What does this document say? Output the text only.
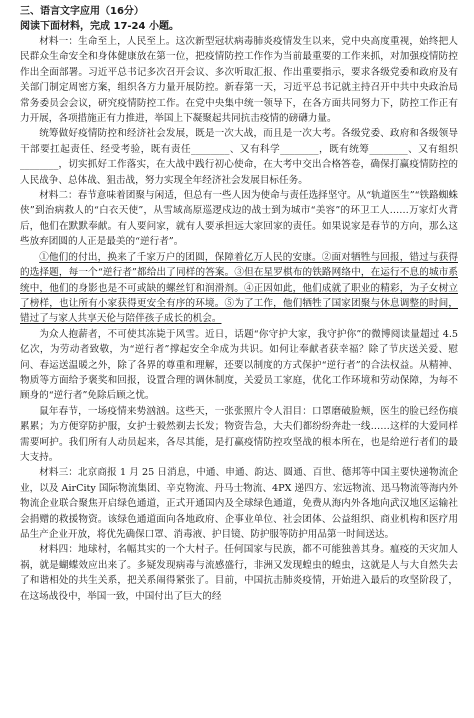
三、语言文字应用（16分）

阅读下面材料，完成 17-24 小题。

材料一：生命至上，人民至上。这次新型冠状病毒肺炎疫情发生以来，党中央高度重视，始终把人民群众生命安全和身体健康放在第一位，把疫情防控工作作为当前最重要的工作来抓，对加强疫情防控作出全面部署。习近平总书记多次召开会议、多次听取汇报、作出重要指示，要求各级党委和政府及有关部门制定周密方案，组织各方力量开展防控。新春第一天，习近平总书记就主持召开中共中央政治局常务委员会会议，研究疫情防控工作。在党中央集中统一领导下，在各方面共同努力下，防控工作正有力开展，各项措施正有力推进，举国上下凝聚起共同抗击疫情的磅礴力量。

统筹做好疫情防控和经济社会发展，既是一次大战，而且是一次大考。各级党委、政府和各级领导干部要扛起责任、经受考验，既有责任________、又有科学________，既有统筹________、又有组织________，切实抓好工作落实，在大战中践行初心使命，在大考中交出合格答卷，确保打赢疫情防控的人民战争、总体战、狙击战，努力实现全年经济社会发展目标任务。

材料二：春节意味着团聚与闲适，但总有一些人因为使命与责任选择坚守。从“轨道医生”“铁路蜘蛛侠”到治病救人的“白衣天使”，从雪域高原巡逻戍边的战士到为城市“美容”的环卫工人……万家灯火背后，他们在默默奉献。有人要问家，就有人要承担远大家回家的责任。如果说家是春节的方向，那么这些放弃团圆的人正是最美的“逆行者”。

①他们的付出，换来了千家万户的团圆，保障着亿万人民的安康。②面对牺牲与回报，错过与获得的选择题，每一个“逆行者”都给出了同样的答案。③但在星罗棋布的铁路网络中，在运行不息的城市系统中，他们的身影也是不可或缺的螺丝钉和润滑剂。④正因如此，他们成就了职业的精彩，为子女树立了榜样，也让所有小家获得更安全有序的环境。⑤为了工作，他们牺牲了国家团聚与休息调整的时间，错过了与家人共享天伦与陪伴孩子成长的机会。

为众人抱薪者，不可使其冻毙于风雪。近日，话题“你守护大家，我守护你”的微博阅读量超过 4.5 亿次，为劳动者致敬，为“逆行者”撑起安全伞成为共识。如何让奉献者获幸福？除了节庆送关爱、慰问、春运送温暖之外，除了各界的尊重和理解，还要以制度的方式保护“逆行者”的合法权益。从精神、物质等方面给予褒奖和回报，设置合理的调休制度，关爱员工家庭，优化工作环境和劳动保障，为每不顾身的“逆行者”免除后顾之忧。

鼠年春节，一场疫情来势汹汹。这些天，一张张照片令人泪目：口罩磨破脸颊，医生的脸已经伤痕累累；为方便穿防护服，女护士毅然剃去长发；物资告急，大夫们都纷纷奔赴一线……这样的大爱同样需要呵护。我们所有人动员起来，各尽其能，是打赢疫情防控攻坚战的根本所在，也是给逆行者们的最大支持。

材料三：北京商报 1 月 25 日消息，中通、申通、韵达、圆通、百世、德邦等中国主要快递物流企业，以及 AirCity 国际物流集团、辛克物流、丹马士物流、4PX 递四方、宏远物流、迅马物流等海内外物流企业联合聚焦开启绿色通道，正式开通国内及全球绿色通道，免费从海内外各地向武汉地区运输社会捐赠的救援物资。该绿色通道面向各地政府、企事业单位、社会团体、公益组织、商业机构和医疗用品生产企业开放，将优先确保口罩、消毒液、护目镜、防护服等防护用品第一时间送达。

材料四：地球村，名幅其实的一个大村子。任何国家与民族，都不可能独善其身。瘟疫的天灾加人祸，就是蝴蝶效应出来了。多疑发现病毒与流感盛行，非洲又发现蝗虫的蝗虫，这就是人与大自然失去了和谐相处的共生关系，把关系闹得紧张了。目前，中国抗击肺炎疫情，开始进入最后的攻坚阶段了，在这场战役中，举国一致，中国付出了巨大的经
